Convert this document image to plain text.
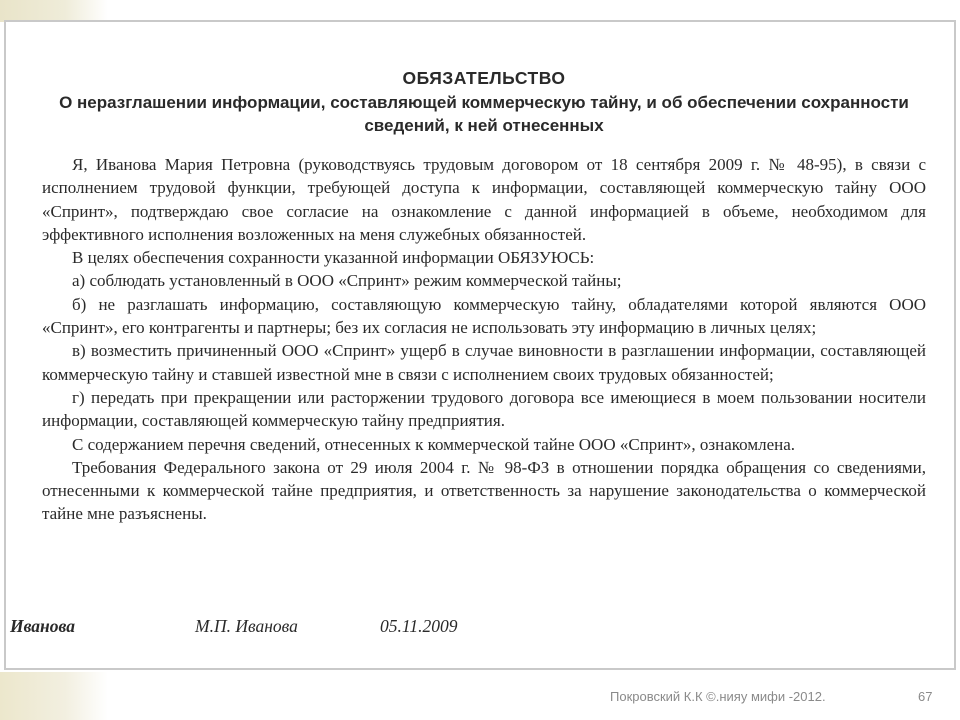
ОБЯЗАТЕЛЬСТВО
О неразглашении информации, составляющей коммерческую тайну, и об обеспечении сохранности сведений, к ней отнесенных

Я, Иванова Мария Петровна (руководствуясь трудовым договором от 18 сентября 2009 г. № 48-95), в связи с исполнением трудовой функции, требующей доступа к информации, составляющей коммерческую тайну ООО «Спринт», подтверждаю свое согласие на ознакомление с данной информацией в объеме, необходимом для эффективного исполнения возложенных на меня служебных обязанностей.

В целях обеспечения сохранности указанной информации ОБЯЗУЮСЬ:

а) соблюдать установленный в ООО «Спринт» режим коммерческой тайны;

б) не разглашать информацию, составляющую коммерческую тайну, обладателями которой являются ООО «Спринт», его контрагенты и партнеры; без их согласия не использовать эту информацию в личных целях;

в) возместить причиненный ООО «Спринт» ущерб в случае виновности в разглашении информации, составляющей коммерческую тайну и ставшей известной мне в связи с исполнением своих трудовых обязанностей;

г) передать при прекращении или расторжении трудового договора все имеющиеся в моем пользовании носители информации, составляющей коммерческую тайну предприятия.

С содержанием перечня сведений, отнесенных к коммерческой тайне ООО «Спринт», ознакомлена.

Требования Федерального закона от 29 июля 2004 г. № 98-ФЗ в отношении порядка обращения со сведениями, отнесенными к коммерческой тайне предприятия, и ответственность за нарушение законодательства о коммерческой тайне мне разъяснены.

Иванова	М.П. Иванова	05.11.2009
Покровский К.К ©.нияу мифи -2012.	67
